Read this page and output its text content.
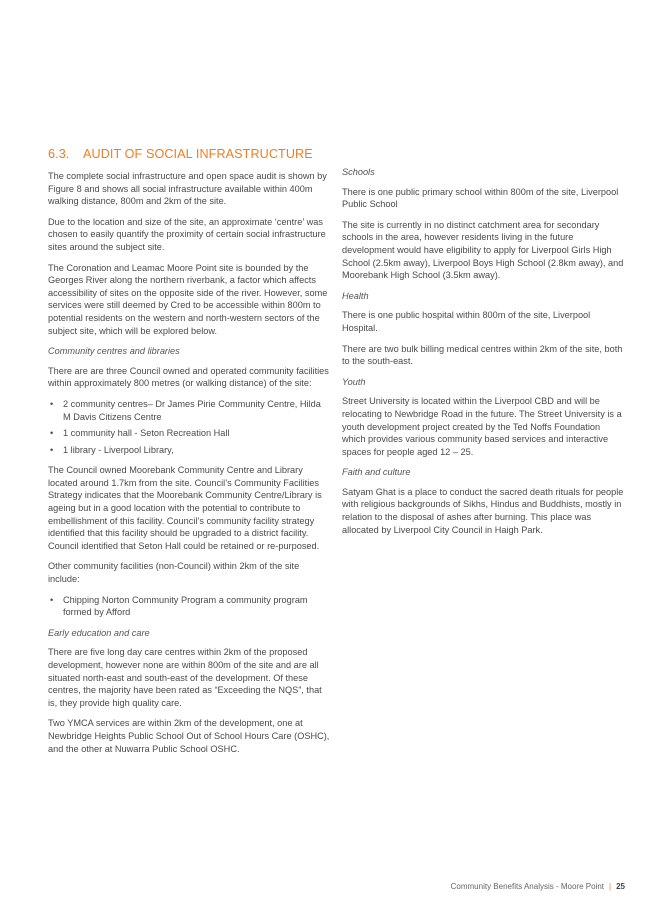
6.3. AUDIT OF SOCIAL INFRASTRUCTURE

The complete social infrastructure and open space audit is shown by Figure 8 and shows all social infrastructure available within 400m walking distance, 800m and 2km of the site.

Due to the location and size of the site, an approximate ‘centre’ was chosen to easily quantify the proximity of certain social infrastructure sites around the subject site.

The Coronation and Leamac Moore Point site is bounded by the Georges River along the northern riverbank, a factor which affects accessibility of sites on the opposite side of the river. However, some services were still deemed by Cred to be accessible within 800m to potential residents on the western and north-western sectors of the subject site, which will be explored below.

Community centres and libraries

There are are three Council owned and operated community facilities within approximately 800 metres (or walking distance) of the site:

• 2 community centres– Dr James Pirie Community Centre, Hilda M Davis Citizens Centre
• 1 community hall - Seton Recreation Hall
• 1 library - Liverpool Library,

The Council owned Moorebank Community Centre and Library located around 1.7km from the site. Council’s Community Facilities Strategy indicates that the Moorebank Community Centre/Library is ageing but in a good location with the potential to contribute to embellishment of this facility. Council’s community facility strategy identified that this facility should be upgraded to a district facility. Council identified that Seton Hall could be retained or re-purposed.

Other community facilities (non-Council) within 2km of the site include:

• Chipping Norton Community Program a community program formed by Afford
Early education and care

There are five long day care centres within 2km of the proposed development, however none are within 800m of the site and are all situated north-east and south-east of the development. Of these centres, the majority have been rated as “Exceeding the NQS”, that is, they provide high quality care.

Two YMCA services are within 2km of the development, one at Newbridge Heights Public School Out of School Hours Care (OSHC), and the other at Nuwarra Public School OSHC.

Schools

There is one public primary school within 800m of the site, Liverpool Public School

The site is currently in no distinct catchment area for secondary schools in the area, however residents living in the future development would have eligibility to apply for Liverpool Girls High School (2.5km away), Liverpool Boys High School (2.8km away), and Moorebank High School (3.5km away).

Health

There is one public hospital within 800m of the site, Liverpool Hospital.

There are two bulk billing medical centres within 2km of the site, both to the south-east.

Youth

Street University is located within the Liverpool CBD and will be relocating to Newbridge Road in the future. The Street University is a youth development project created by the Ted Noffs Foundation which provides various community based services and interactive spaces for people aged 12 – 25.

Faith and culture

Satyam Ghat is a place to conduct the sacred death rituals for people with religious backgrounds of Sikhs, Hindus and Buddhists, mostly in relation to the disposal of ashes after burning. This place was allocated by Liverpool City Council in Haigh Park.

Community Benefits Analysis - Moore Point | 25
